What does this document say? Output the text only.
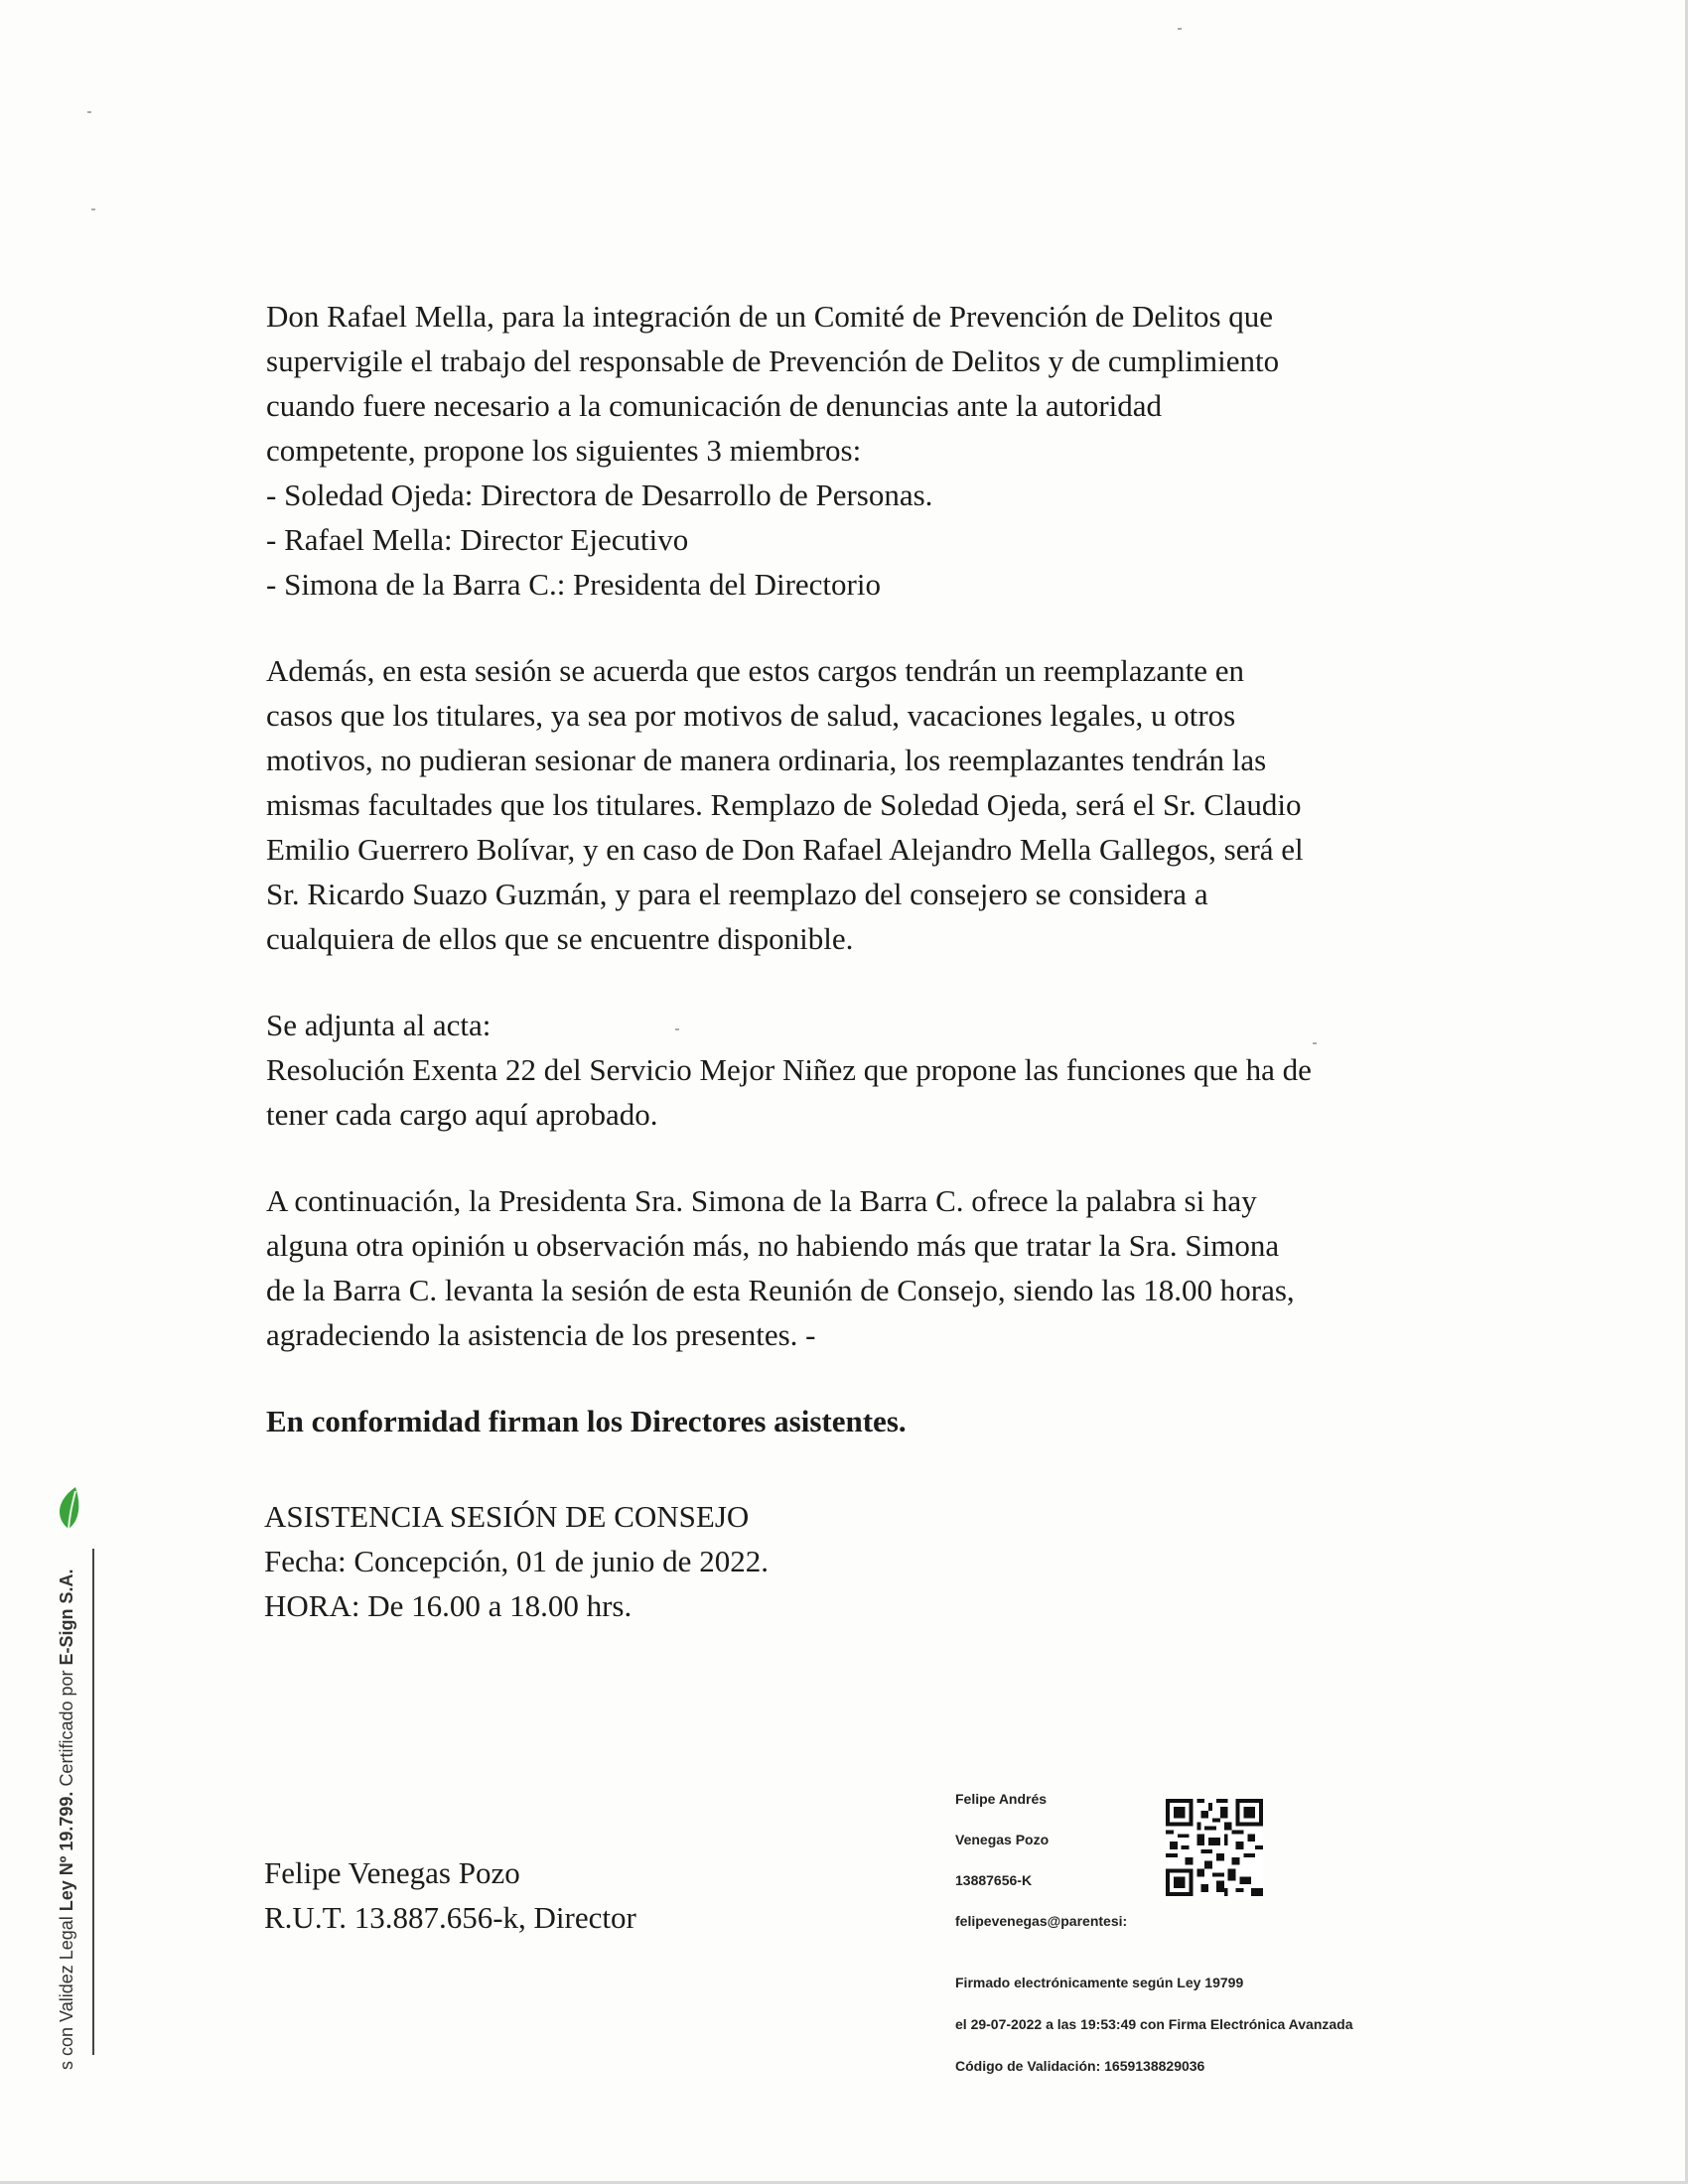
Don Rafael Mella, para la integración de un Comité de Prevención de Delitos que
supervigile el trabajo del responsable de Prevención de Delitos y de cumplimiento
cuando fuere necesario a la comunicación de denuncias ante la autoridad
competente, propone los siguientes 3 miembros:
- Soledad Ojeda: Directora de Desarrollo de Personas.
- Rafael Mella: Director Ejecutivo
- Simona de la Barra C.: Presidenta del Directorio
Además, en esta sesión se acuerda que estos cargos tendrán un reemplazante en
casos que los titulares, ya sea por motivos de salud, vacaciones legales, u otros
motivos, no pudieran sesionar de manera ordinaria, los reemplazantes tendrán las
mismas facultades que los titulares. Remplazo de Soledad Ojeda, será el Sr. Claudio
Emilio Guerrero Bolívar, y en caso de Don Rafael Alejandro Mella Gallegos, será el
Sr. Ricardo Suazo Guzmán, y para el reemplazo del consejero se considera a
cualquiera de ellos que se encuentre disponible.
Se adjunta al acta:
Resolución Exenta 22 del Servicio Mejor Niñez que propone las funciones que ha de
tener cada cargo aquí aprobado.
A continuación, la Presidenta Sra. Simona de la Barra C. ofrece la palabra si hay
alguna otra opinión u observación más, no habiendo más que tratar la Sra. Simona
de la Barra C. levanta la sesión de esta Reunión de Consejo, siendo las 18.00 horas,
agradeciendo la asistencia de los presentes. -
En conformidad firman los Directores asistentes.
ASISTENCIA SESIÓN DE CONSEJO
Fecha: Concepción, 01 de junio de 2022.
HORA: De 16.00 a 18.00 hrs.
Felipe Venegas Pozo
R.U.T. 13.887.656-k, Director
Felipe Andrés
Venegas Pozo
13887656-K
felipevenegas@parentesi:
Firmado electrónicamente según Ley 19799
el 29-07-2022 a las 19:53:49 con Firma Electrónica Avanzada
Código de Validación: 1659138829036
s con Validez Legal Ley Nº 19.799. Certificado por E-Sign S.A.
